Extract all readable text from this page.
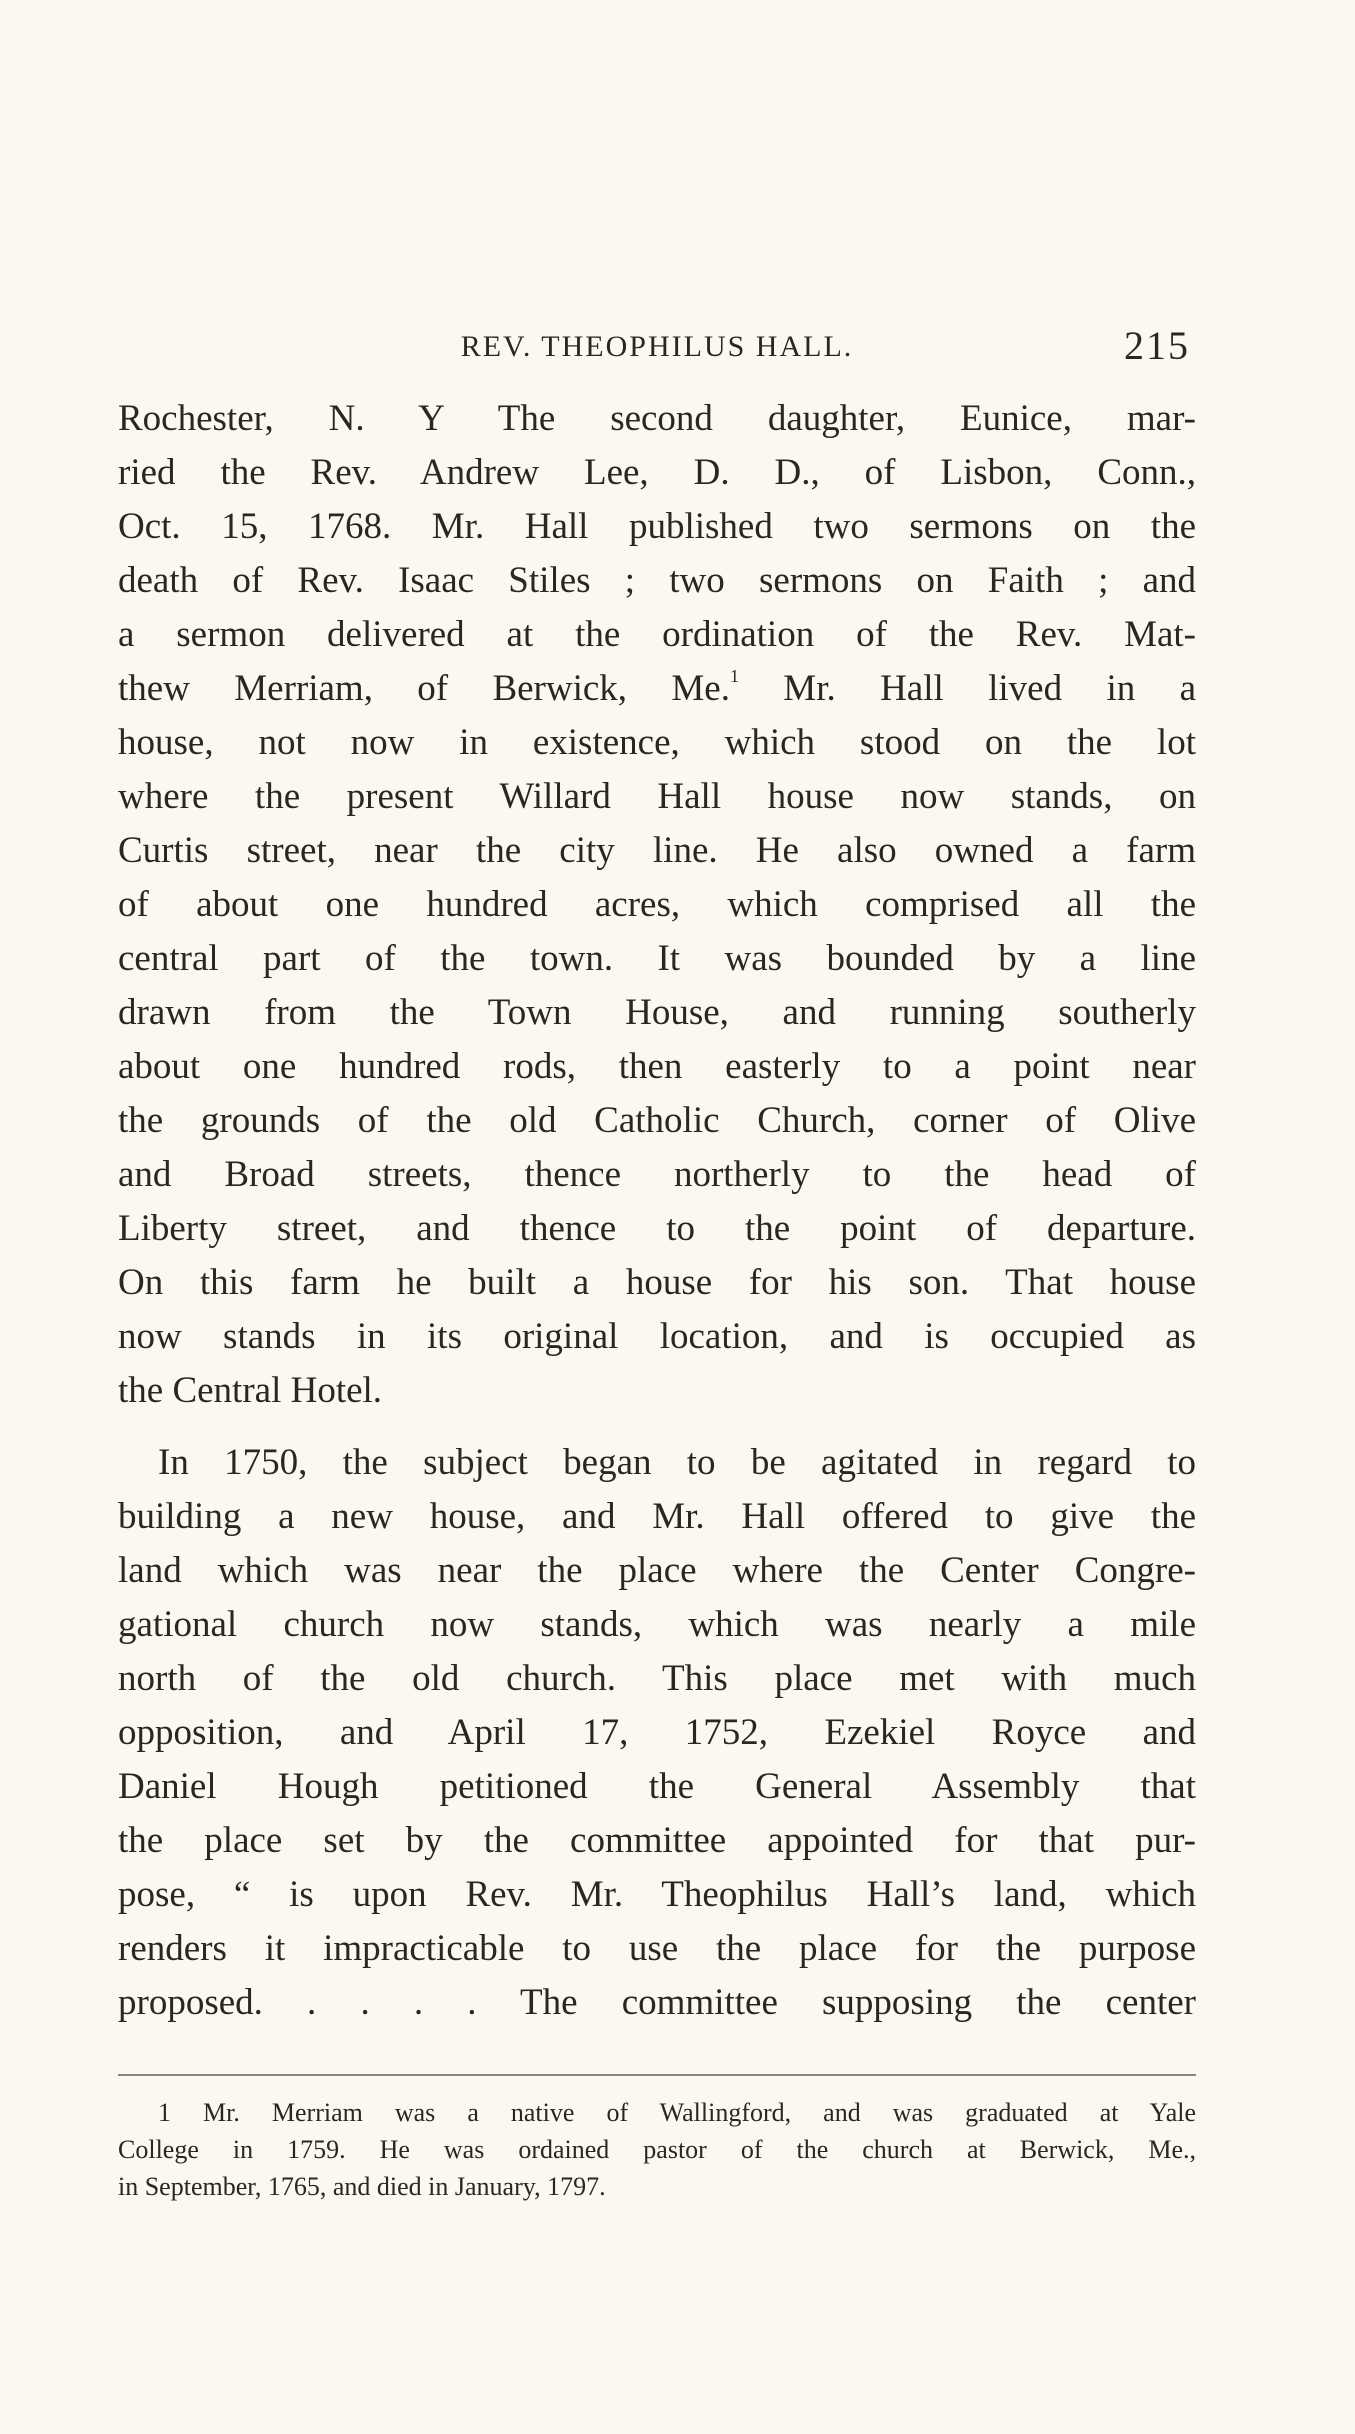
REV. THEOPHILUS HALL.	215
Rochester, N. Y The second daughter, Eunice, mar-
ried the Rev. Andrew Lee, D. D., of Lisbon, Conn.,
Oct. 15, 1768. Mr. Hall published two sermons on the
death of Rev. Isaac Stiles ; two sermons on Faith ; and
a sermon delivered at the ordination of the Rev. Mat-
thew Merriam, of Berwick, Me.$^1$ Mr. Hall lived in a
house, not now in existence, which stood on the lot
where the present Willard Hall house now stands, on
Curtis street, near the city line. He also owned a farm
of about one hundred acres, which comprised all the
central part of the town. It was bounded by a line
drawn from the Town House, and running southerly
about one hundred rods, then easterly to a point near
the grounds of the old Catholic Church, corner of Olive
and Broad streets, thence northerly to the head of
Liberty street, and thence to the point of departure.
On this farm he built a house for his son. That house
now stands in its original location, and is occupied as
the Central Hotel.
In 1750, the subject began to be agitated in regard to
building a new house, and Mr. Hall offered to give the
land which was near the place where the Center Congre-
gational church now stands, which was nearly a mile
north of the old church. This place met with much
opposition, and April 17, 1752, Ezekiel Royce and
Daniel Hough petitioned the General Assembly that
the place set by the committee appointed for that pur-
pose, “ is upon Rev. Mr. Theophilus Hall’s land, which
renders it impracticable to use the place for the purpose
proposed. . . . . The committee supposing the center
1 Mr. Merriam was a native of Wallingford, and was graduated at Yale
College in 1759. He was ordained pastor of the church at Berwick, Me.,
in September, 1765, and died in January, 1797.
